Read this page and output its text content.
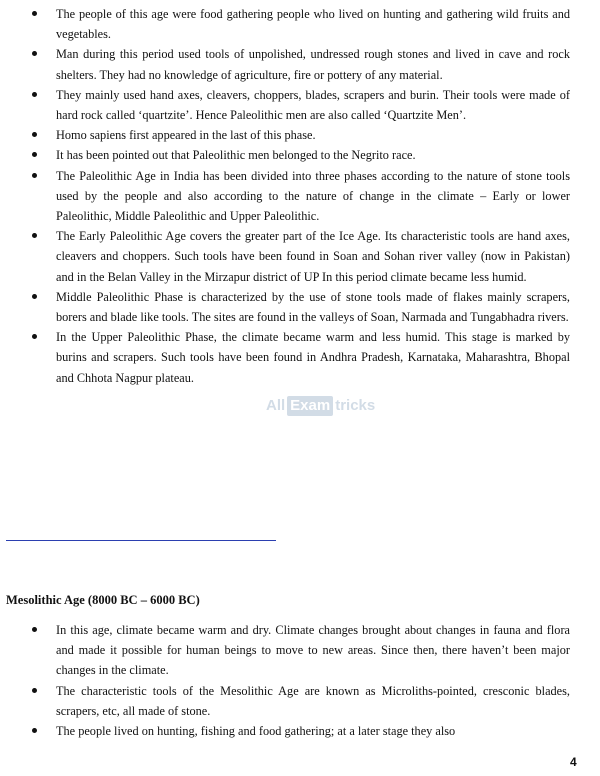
The people of this age were food gathering people who lived on hunting and gathering wild fruits and vegetables.
Man during this period used tools of unpolished, undressed rough stones and lived in cave and rock shelters. They had no knowledge of agriculture, fire or pottery of any material.
They mainly used hand axes, cleavers, choppers, blades, scrapers and burin. Their tools were made of hard rock called ‘quartzite’. Hence Paleolithic men are also called ‘Quartzite Men’.
Homo sapiens first appeared in the last of this phase.
It has been pointed out that Paleolithic men belonged to the Negrito race.
The Paleolithic Age in India has been divided into three phases according to the nature of stone tools used by the people and also according to the nature of change in the climate – Early or lower Paleolithic, Middle Paleolithic and Upper Paleolithic.
The Early Paleolithic Age covers the greater part of the Ice Age. Its characteristic tools are hand axes, cleavers and choppers. Such tools have been found in Soan and Sohan river valley (now in Pakistan) and in the Belan Valley in the Mirzapur district of UP In this period climate became less humid.
Middle Paleolithic Phase is characterized by the use of stone tools made of flakes mainly scrapers, borers and blade like tools. The sites are found in the valleys of Soan, Narmada and Tungabhadra rivers.
In the Upper Paleolithic Phase, the climate became warm and less humid. This stage is marked by burins and scrapers. Such tools have been found in Andhra Pradesh, Karnataka, Maharashtra, Bhopal and Chhota Nagpur plateau.
All Exam tricks
Mesolithic Age (8000 BC – 6000 BC)
In this age, climate became warm and dry. Climate changes brought about changes in fauna and flora and made it possible for human beings to move to new areas. Since then, there haven’t been major changes in the climate.
The characteristic tools of the Mesolithic Age are known as Microliths-pointed, cresconic blades, scrapers, etc, all made of stone.
The people lived on hunting, fishing and food gathering; at a later stage they also
4
